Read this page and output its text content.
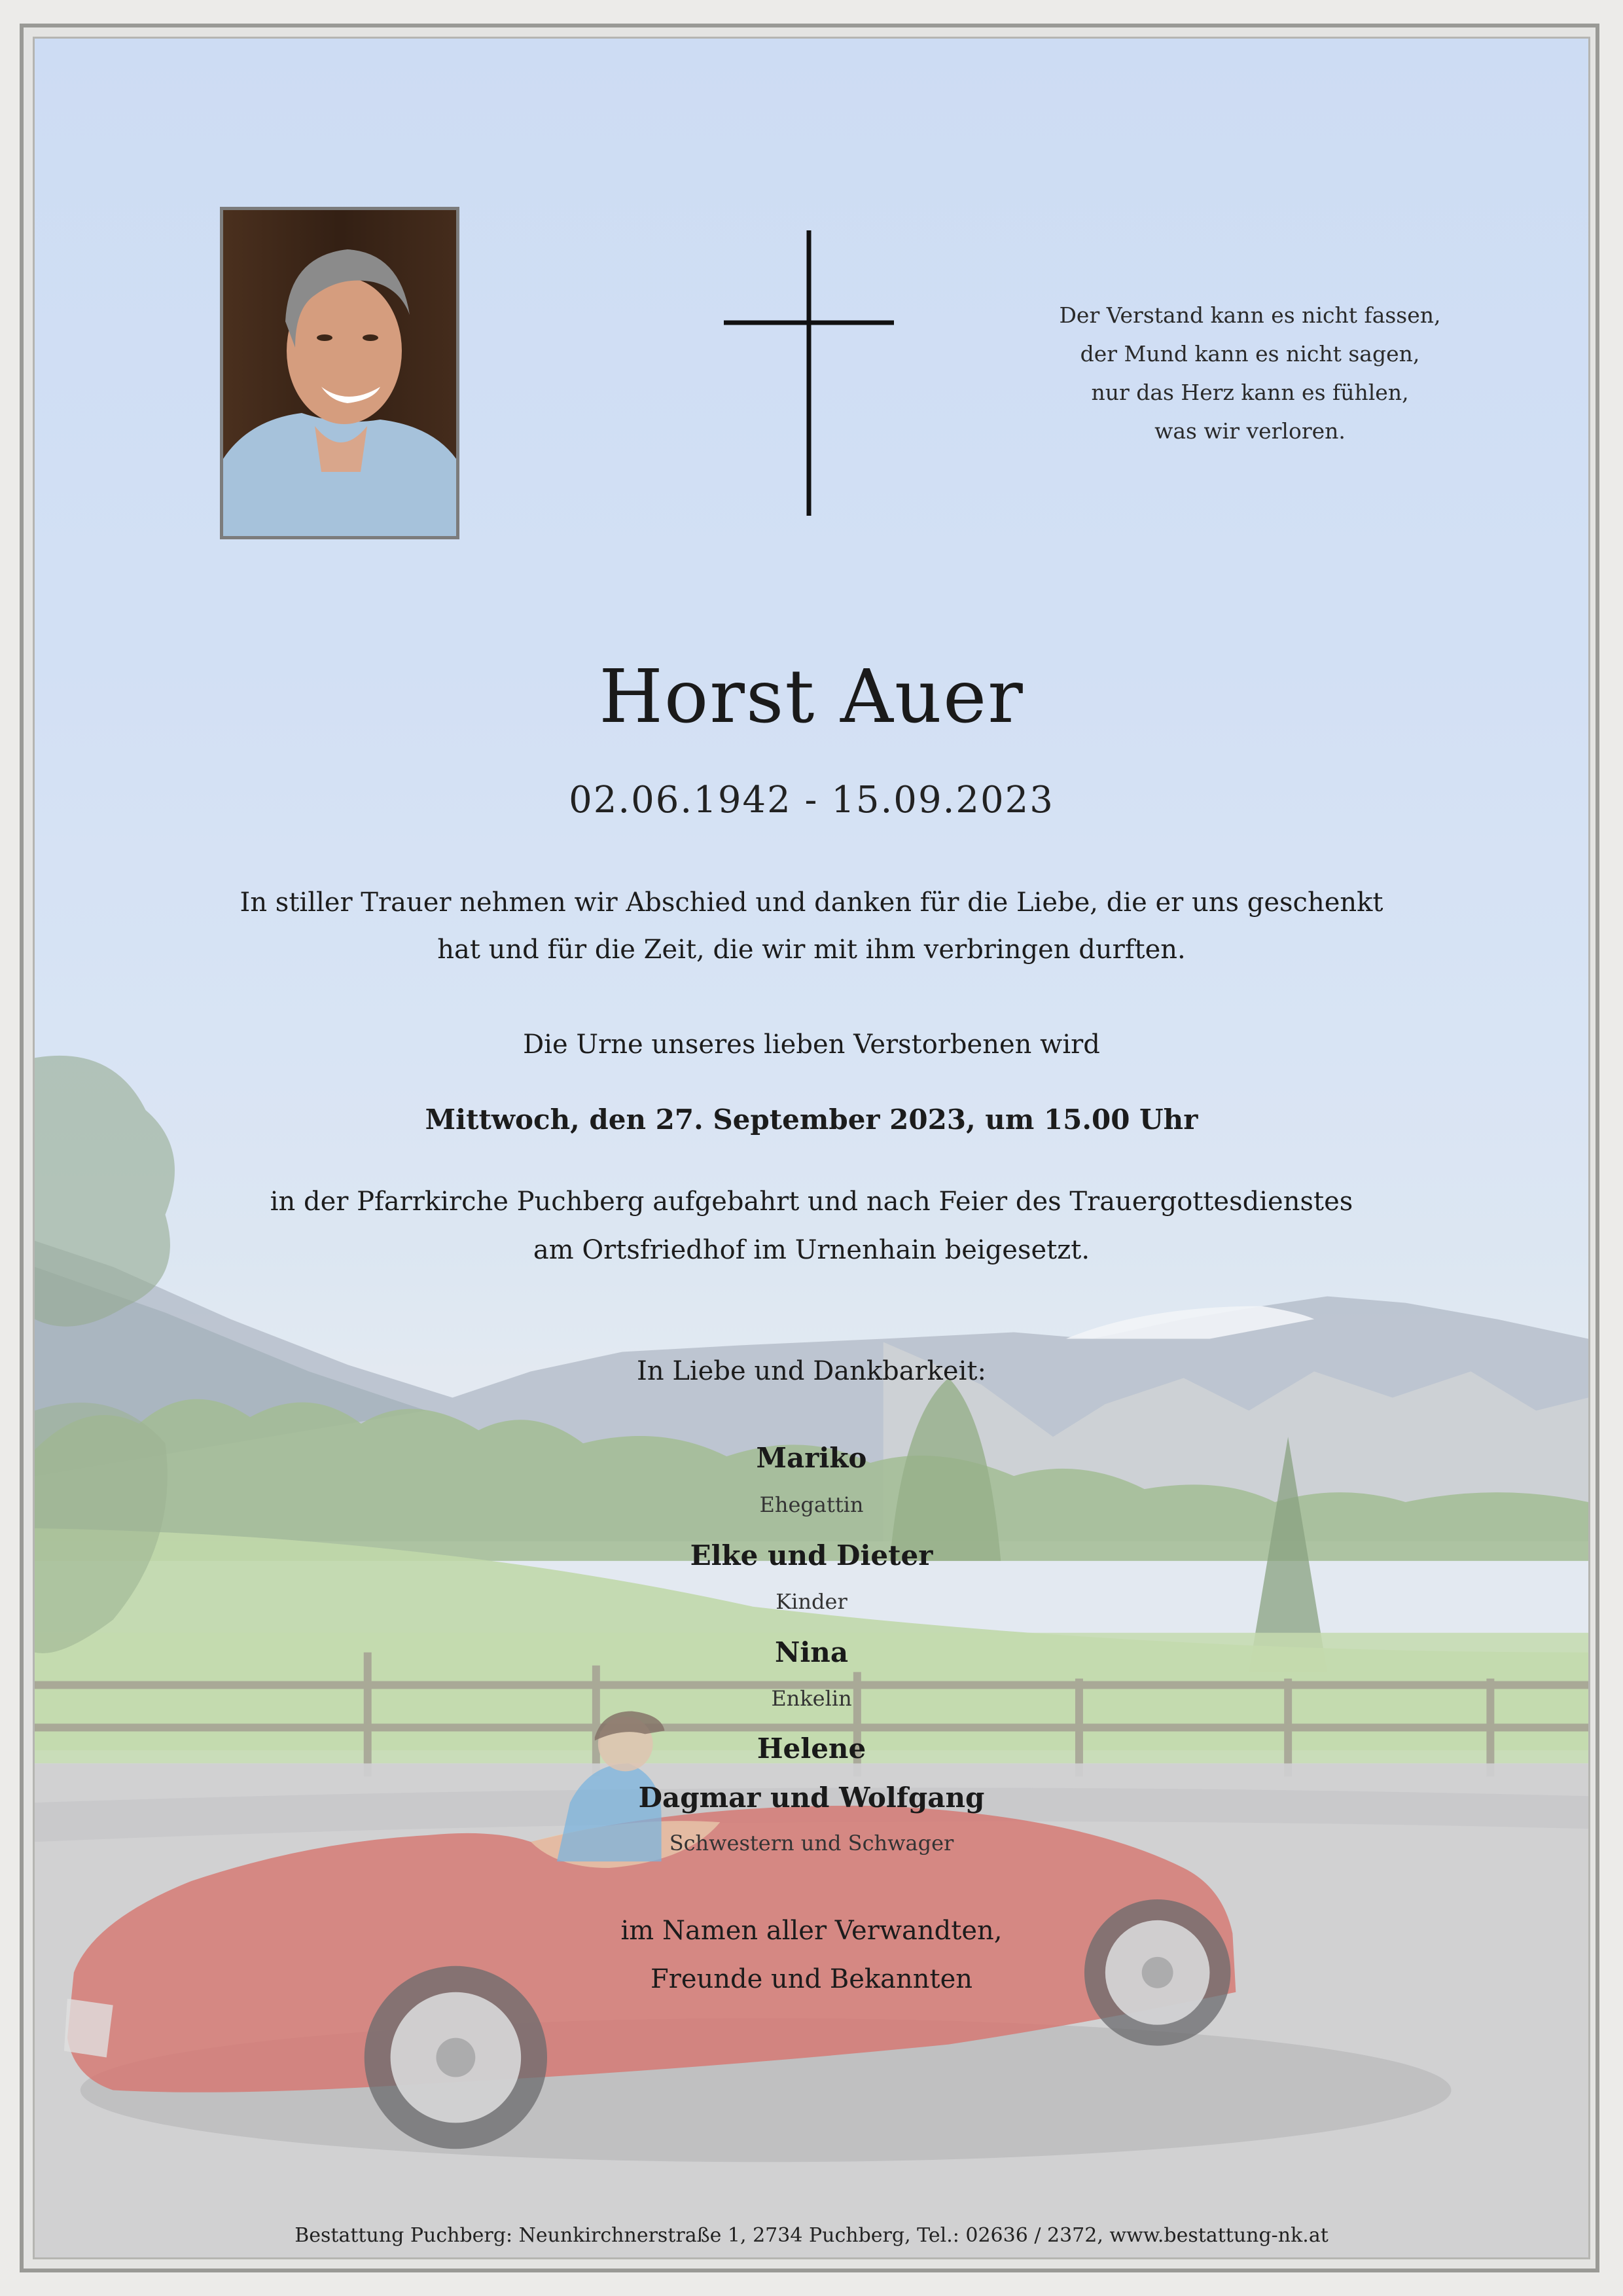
Der Verstand kann es nicht fassen,
der Mund kann es nicht sagen,
nur das Herz kann es fühlen,
was wir verloren.
Horst Auer
02.06.1942 - 15.09.2023
In stiller Trauer nehmen wir Abschied und danken für die Liebe, die er uns geschenkt
hat und für die Zeit, die wir mit ihm verbringen durften.
Die Urne unseres lieben Verstorbenen wird
Mittwoch, den 27. September 2023, um 15.00 Uhr
in der Pfarrkirche Puchberg aufgebahrt und nach Feier des Trauergottesdienstes
am Ortsfriedhof im Urnenhain beigesetzt.
In Liebe und Dankbarkeit:
Mariko
Ehegattin
Elke und Dieter
Kinder
Nina
Enkelin
Helene
Dagmar und Wolfgang
Schwestern und Schwager
im Namen aller Verwandten,
Freunde und Bekannten
Bestattung Puchberg: Neunkirchnerstraße 1, 2734 Puchberg, Tel.: 02636 / 2372, www.bestattung-nk.at
